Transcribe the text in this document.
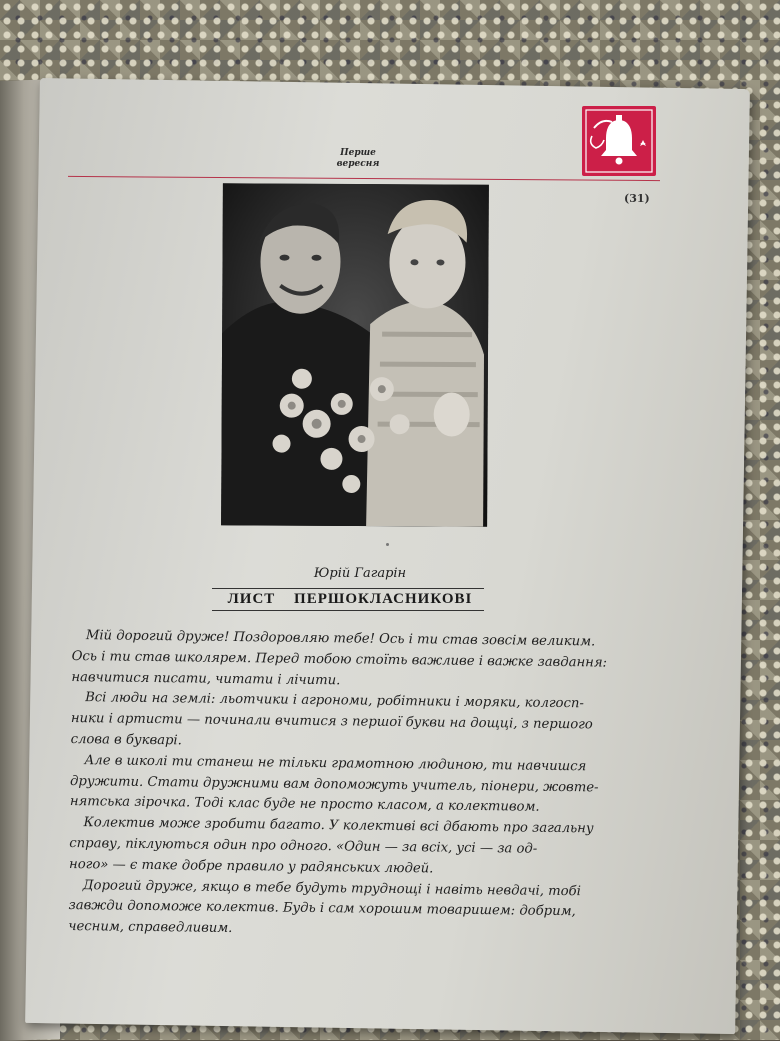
Перше
вересня
(31)
Юрій Гагарін
ЛИСТ ПЕРШОКЛАСНИКОВІ

Мій дорогий друже! Поздоровляю тебе! Ось і ти став зовсім великим.
Ось і ти став школярем. Перед тобою стоїть важливе і важке завдання:
навчитися писати, читати і лічити.

Всі люди на землі: льотчики і агрономи, робітники і моряки, колгосп-
ники і артисти — починали вчитися з першої букви на дощці, з першого
слова в букварі.

Але в школі ти станеш не тільки грамотною людиною, ти навчишся
дружити. Стати дружними вам допоможуть учитель, піонери, жовте-
нятська зірочка. Тоді клас буде не просто класом, а колективом.

Колектив може зробити багато. У колективі всі дбають про загальну
справу, піклуються один про одного. «Один — за всіх, усі — за од-
ного» — є таке добре правило у радянських людей.

Дорогий друже, якщо в тебе будуть труднощі і навіть невдачі, тобі
завжди допоможе колектив. Будь і сам хорошим товаришем: добрим,
чесним, справедливим.
